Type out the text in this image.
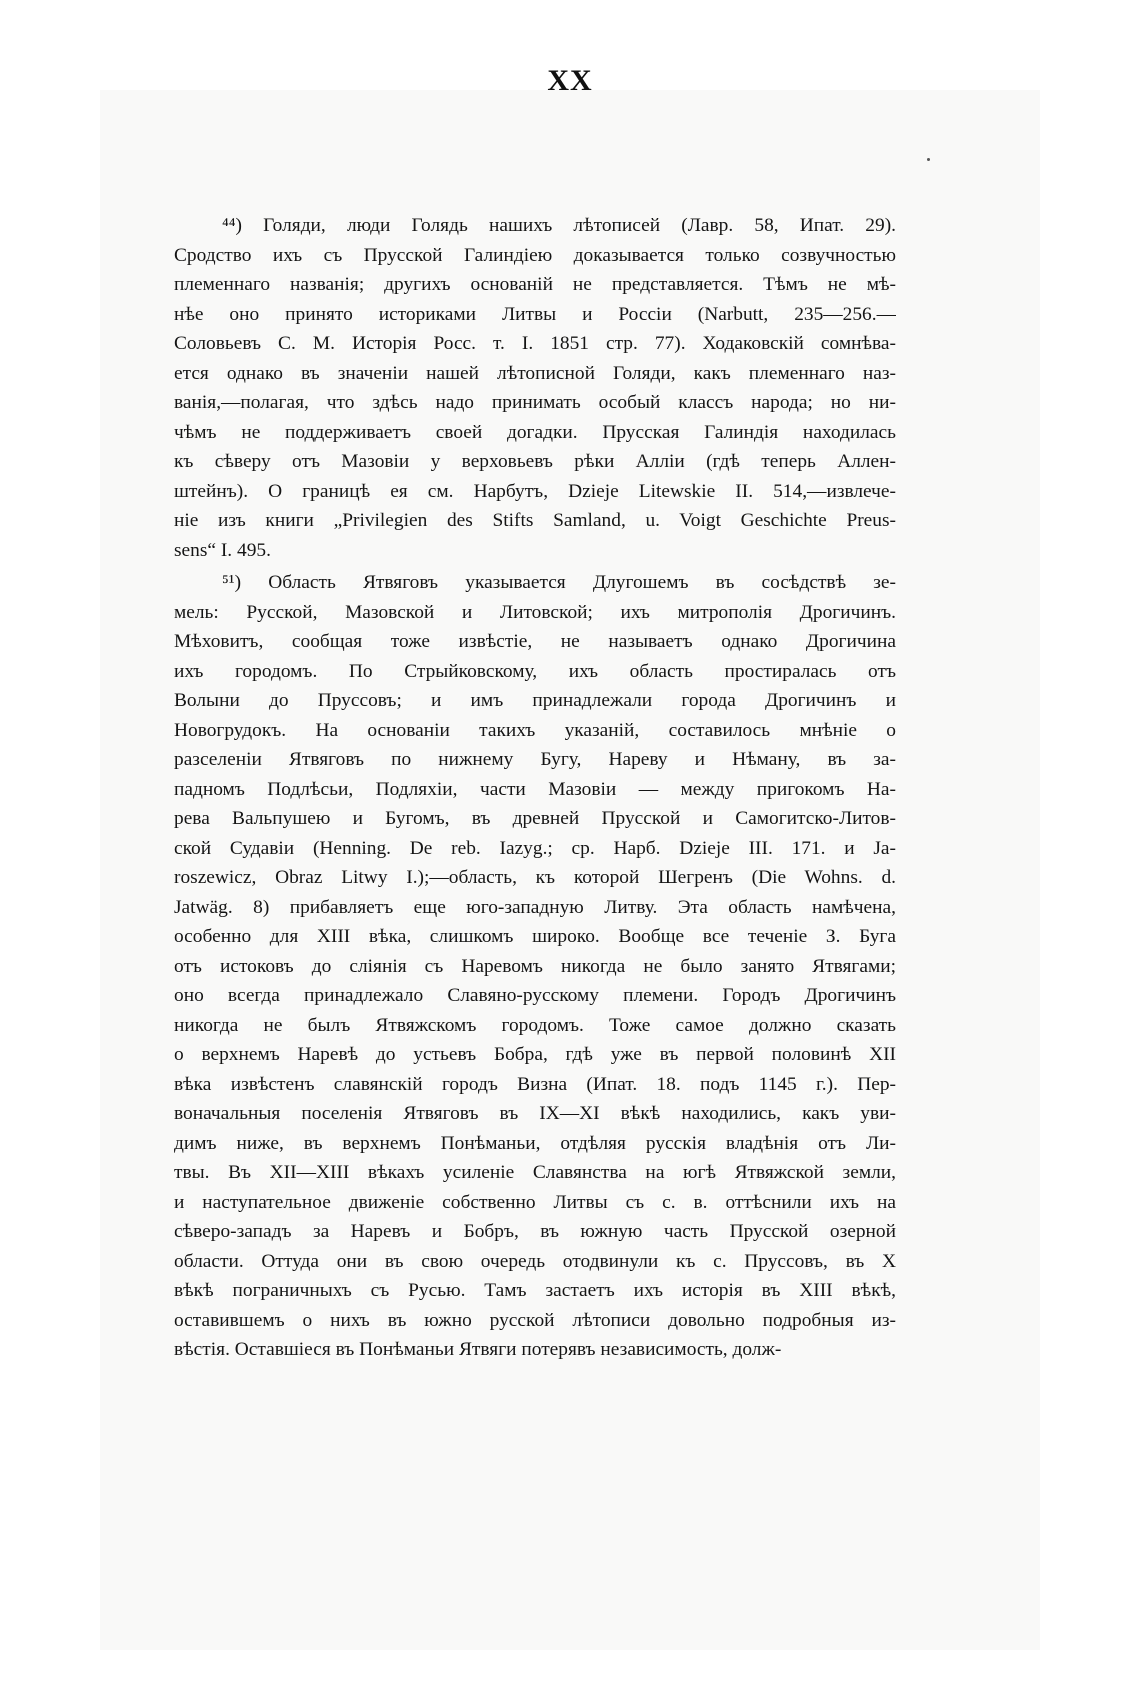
XX
⁴⁴) Голяди, люди Голядь нашихъ лѣтописей (Лавр. 58, Ипат. 29).
Сродство ихъ съ Прусской Галиндiею доказывается только созвучностью
племеннаго названiя; другихъ основанiй не представляется. Тѣмъ не мѣ-
нѣе оно принято историками Литвы и Россiи (Narbutt, 235—256.—
Соловьевъ С. М. Исторiя Росс. т. I. 1851 стр. 77). Ходаковскiй сомнѣва-
ется однако въ значенiи нашей лѣтописной Голяди, какъ племеннаго наз-
ванiя,—полагая, что здѣсь надо принимать особый классъ народа; но ни-
чѣмъ не поддерживаетъ своей догадки. Прусская Галиндiя находилась
къ сѣверу отъ Мазовiи у верховьевъ рѣки Аллiи (гдѣ теперь Аллен-
штейнъ). О границѣ ея см. Нарбутъ, Dzieje Litewskie II. 514,—извлече-
нiе изъ книги „Privilegien des Stifts Samland, u. Voigt Geschichte Preus-
sens“ I. 495.
⁵¹) Область Ятвяговъ указывается Длугошемъ въ сосѣдствѣ зе-
мель: Русской, Мазовской и Литовской; ихъ митрополiя Дрогичинъ.
Мѣховитъ, сообщая тоже извѣстiе, не называетъ однако Дрогичина
ихъ городомъ. По Стрыйковскому, ихъ область простиралась отъ
Волыни до Пруссовъ; и имъ принадлежали города Дрогичинъ и
Новогрудокъ. На основанiи такихъ указанiй, составилось мнѣнiе о
разселенiи Ятвяговъ по нижнему Бугу, Нареву и Нѣману, въ за-
падномъ Подлѣсьи, Подляхiи, части Мазовiи — между пригокомъ На-
рева Вальпушею и Бугомъ, въ древней Прусской и Самогитско-Литов-
ской Судавiи (Henning. De reb. Iazyg.; ср. Нарб. Dzieje III. 171. и Ja-
roszewicz, Obraz Litwy I.);—область, къ которой Шегренъ (Die Wohns. d.
Jatwäg. 8) прибавляетъ еще юго-западную Литву. Эта область намѣчена,
особенно для XIII вѣка, слишкомъ широко. Вообще все теченiе З. Буга
отъ истоковъ до слiянiя съ Наревомъ никогда не было занято Ятвягами;
оно всегда принадлежало Славяно-русскому племени. Городъ Дрогичинъ
никогда не былъ Ятвяжскомъ городомъ. Тоже самое должно сказать
о верхнемъ Наревѣ до устьевъ Бобра, гдѣ уже въ первой половинѣ XII
вѣка извѣстенъ славянскiй городъ Визна (Ипат. 18. подъ 1145 г.). Пер-
воначальныя поселенiя Ятвяговъ въ IX—XI вѣкѣ находились, какъ уви-
димъ ниже, въ верхнемъ Понѣманьи, отдѣляя русскiя владѣнiя отъ Ли-
твы. Въ XII—XIII вѣкахъ усиленiе Славянства на югѣ Ятвяжской земли,
и наступательное движенiе собственно Литвы съ с. в. оттѣснили ихъ на
сѣверо-западъ за Наревъ и Бобръ, въ южную часть Прусской озерной
области. Оттуда они въ свою очередь отодвинули къ с. Пруссовъ, въ X
вѣкѣ пограничныхъ съ Русью. Тамъ застаетъ ихъ исторiя въ XIII вѣкѣ,
оставившемъ о нихъ въ южно русской лѣтописи довольно подробныя из-
вѣстiя. Оставшiеся въ Понѣманьи Ятвяги потерявъ независимость, долж-
